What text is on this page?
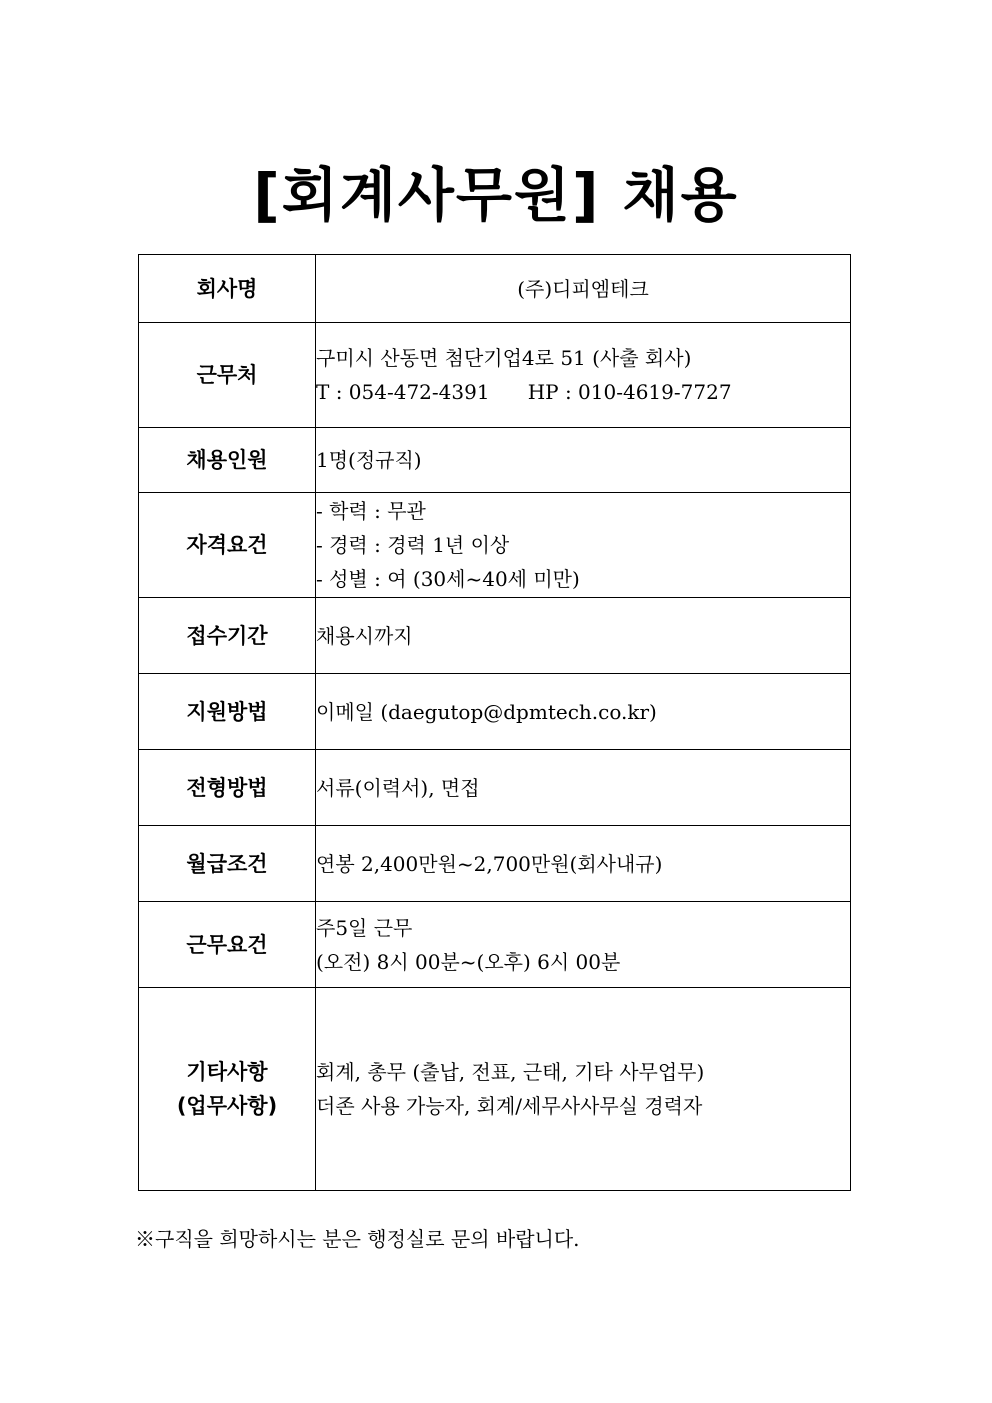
[회계사무원] 채용
회사명	(주)디피엠테크

근무처	구미시 산동면 첨단기업4로 51 (사출 회사)
T : 054-472-4391      HP : 010-4619-7727

채용인원	1명(정규직)

자격요건	- 학력 : 무관
- 경력 : 경력 1년 이상
- 성별 : 여 (30세~40세 미만)

접수기간	채용시까지

지원방법	이메일 (daegutop@dpmtech.co.kr)

전형방법	서류(이력서), 면접

월급조건	연봉 2,400만원~2,700만원(회사내규)

근무요건	주5일 근무
(오전) 8시 00분~(오후) 6시 00분

기타사항
(업무사항)	회계, 총무 (출납, 전표, 근태, 기타 사무업무)
더존 사용 가능자, 회계/세무사사무실 경력자
※구직을 희망하시는 분은 행정실로 문의 바랍니다.
